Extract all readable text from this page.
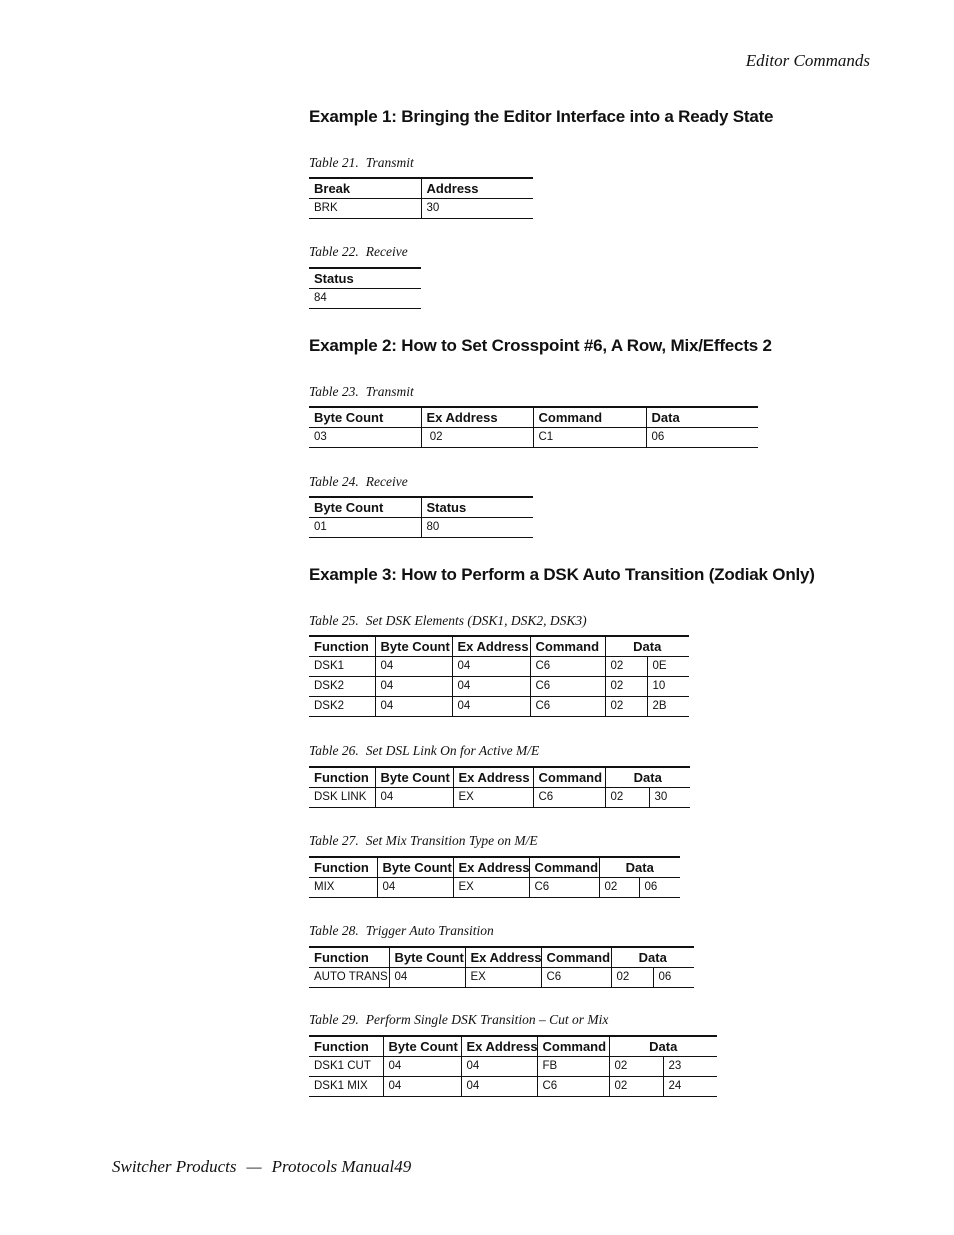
Editor Commands
Example 1: Bringing the Editor Interface into a Ready State

Table 21. Transmit

Break	Address
BRK	30

Table 22. Receive

Status
84
Example 2: How to Set Crosspoint #6, A Row, Mix/Effects 2

Table 23. Transmit

Byte Count	Ex Address	Command	Data
03	02	C1	06

Table 24. Receive

Byte Count	Status
01	80
Example 3: How to Perform a DSK Auto Transition (Zodiak Only)

Table 25. Set DSK Elements (DSK1, DSK2, DSK3)

Function	Byte Count	Ex Address	Command	Data	
DSK1	04	04	C6	02	0E
DSK2	04	04	C6	02	10
DSK2	04	04	C6	02	2B

Table 26. Set DSL Link On for Active M/E

Function	Byte Count	Ex Address	Command	Data	
DSK LINK	04	EX	C6	02	30

Table 27. Set Mix Transition Type on M/E

Function	Byte Count	Ex Address	Command	Data	
MIX	04	EX	C6	02	06

Table 28. Trigger Auto Transition

Function	Byte Count	Ex Address	Command	Data	
AUTO TRANS	04	EX	C6	02	06

Table 29. Perform Single DSK Transition – Cut or Mix

Function	Byte Count	Ex Address	Command	Data	
DSK1 CUT	04	04	FB	02	23
DSK1 MIX	04	04	C6	02	24
Switcher Products — Protocols Manual49
